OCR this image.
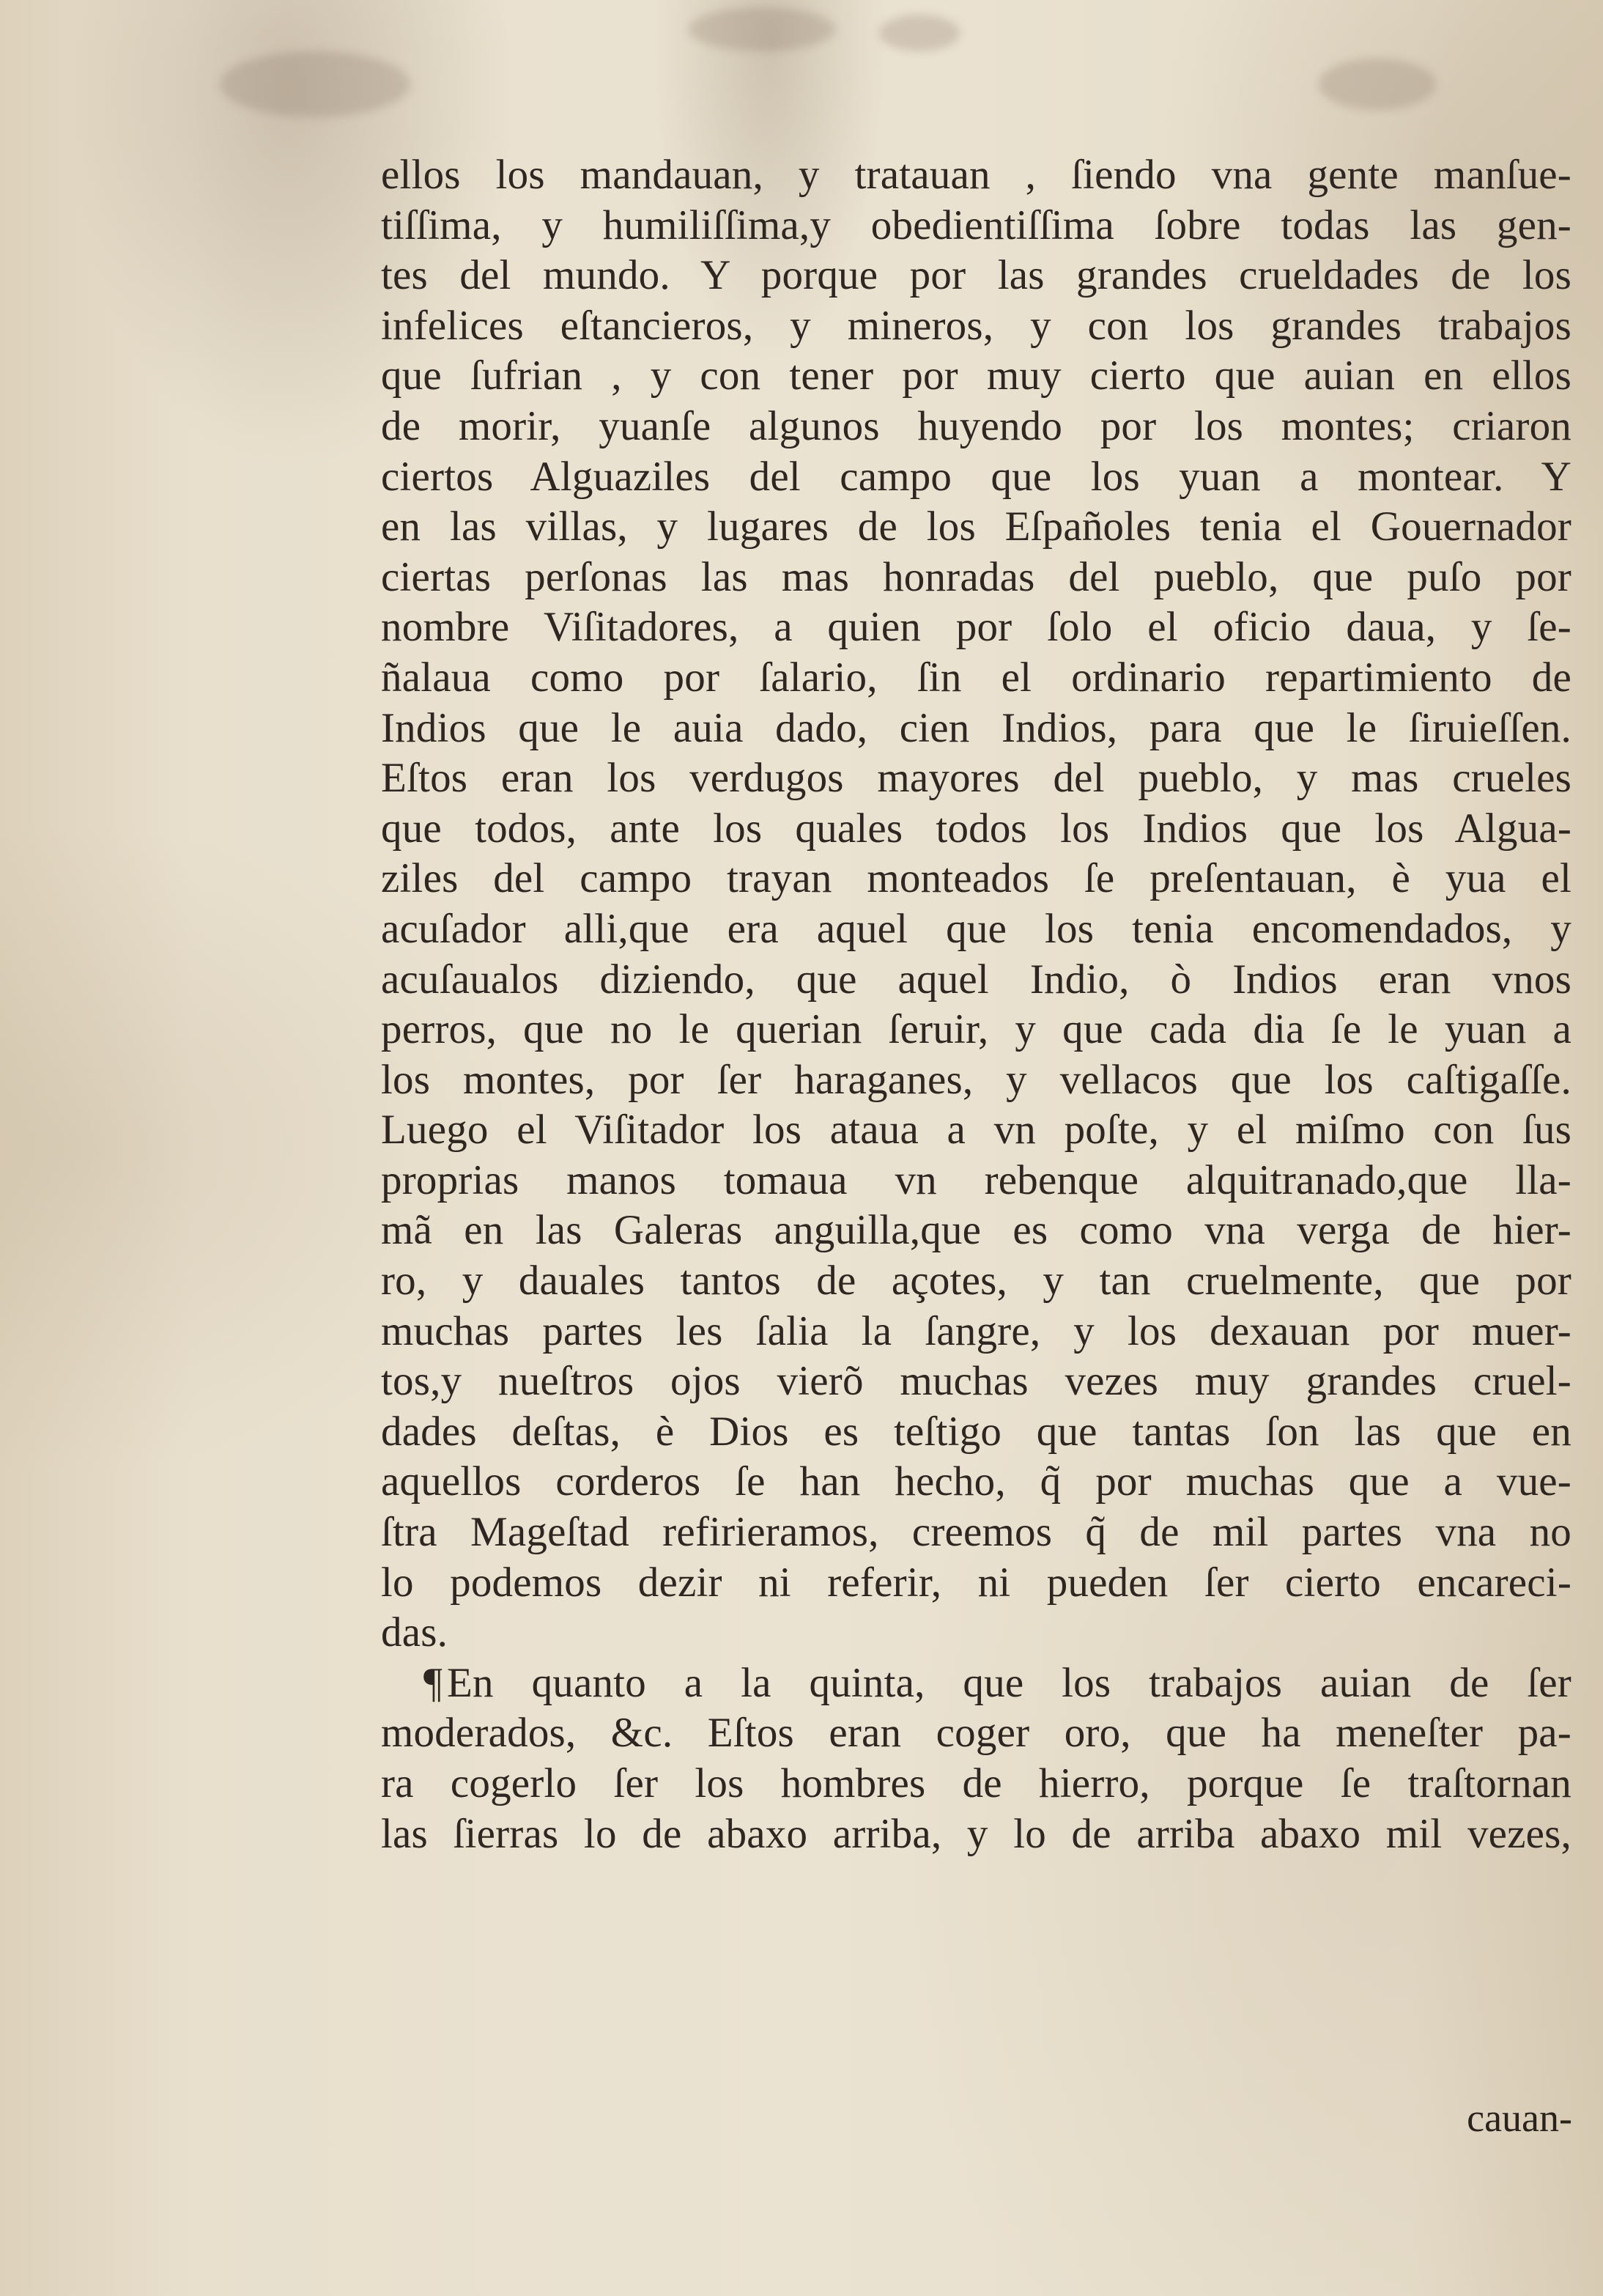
ellos los mandauan, y tratauan , ſiendo vna gente manſue-
tiſſima, y humiliſſima,y obedientiſſima ſobre todas las gen-
tes del mundo. Y porque por las grandes crueldades de los
infelices eſtancieros, y mineros, y con los grandes trabajos
que ſufrian , y con tener por muy cierto que auian en ellos
de morir, yuanſe algunos huyendo por los montes; criaron
ciertos Alguaziles del campo que los yuan a montear. Y
en las villas, y lugares de los Eſpañoles tenia el Gouernador
ciertas perſonas las mas honradas del pueblo, que puſo por
nombre Viſitadores, a quien por ſolo el oficio daua, y ſe-
ñalaua como por ſalario, ſin el ordinario repartimiento de
Indios que le auia dado, cien Indios, para que le ſiruieſſen.
Eſtos eran los verdugos mayores del pueblo, y mas crueles
que todos, ante los quales todos los Indios que los Algua-
ziles del campo trayan monteados ſe preſentauan, è yua el
acuſador alli,que era aquel que los tenia encomendados, y
acuſaualos diziendo, que aquel Indio, ò Indios eran vnos
perros, que no le querian ſeruir, y que cada dia ſe le yuan a
los montes, por ſer haraganes, y vellacos que los caſtigaſſe.
Luego el Viſitador los ataua a vn poſte, y el miſmo con ſus
proprias manos tomaua vn rebenque alquitranado,que lla-
mã en las Galeras anguilla,que es como vna verga de hier-
ro, y dauales tantos de açotes, y tan cruelmente, que por
muchas partes les ſalia la ſangre, y los dexauan por muer-
tos,y nueſtros ojos vierõ muchas vezes muy grandes cruel-
dades deſtas, è Dios es teſtigo que tantas ſon las que en
aquellos corderos ſe han hecho, q̃ por muchas que a vue-
ſtra Mageſtad refirieramos, creemos q̃ de mil partes vna no
lo podemos dezir ni referir, ni pueden ſer cierto encareci-
das.
¶ En quanto a la quinta, que los trabajos auian de ſer
moderados, &c. Eſtos eran coger oro, que ha meneſter pa-
ra cogerlo ſer los hombres de hierro, porque ſe traſtornan
las ſierras lo de abaxo arriba, y lo de arriba abaxo mil vezes,
cauan-
